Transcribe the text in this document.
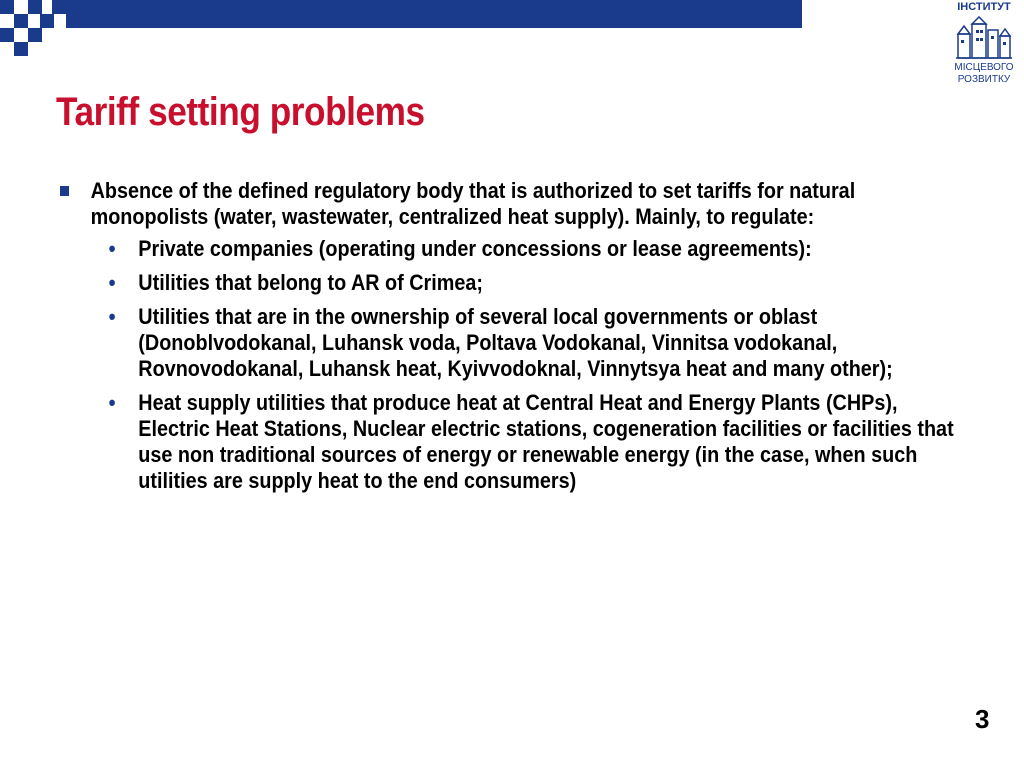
ІНСТИТУТ
МІСЦЕВОГО
РОЗВИТКУ
Tariff setting problems
Absence of the defined regulatory body that is authorized to set tariffs for natural monopolists (water, wastewater, centralized heat supply). Mainly, to regulate:
• Private companies (operating under concessions or lease agreements):
• Utilities that belong to AR of Crimea;
• Utilities that are in the ownership of several local governments or oblast (Donoblvodokanal, Luhansk voda, Poltava Vodokanal, Vinnitsa vodokanal, Rovnovodokanal, Luhansk heat, Kyivvodoknal, Vinnytsya heat and many other);
• Heat supply utilities that produce heat at Central Heat and Energy Plants (CHPs), Electric Heat Stations, Nuclear electric stations, cogeneration facilities or facilities that use non traditional sources of energy or renewable energy (in the case, when such utilities are supply heat to the end consumers)
3
